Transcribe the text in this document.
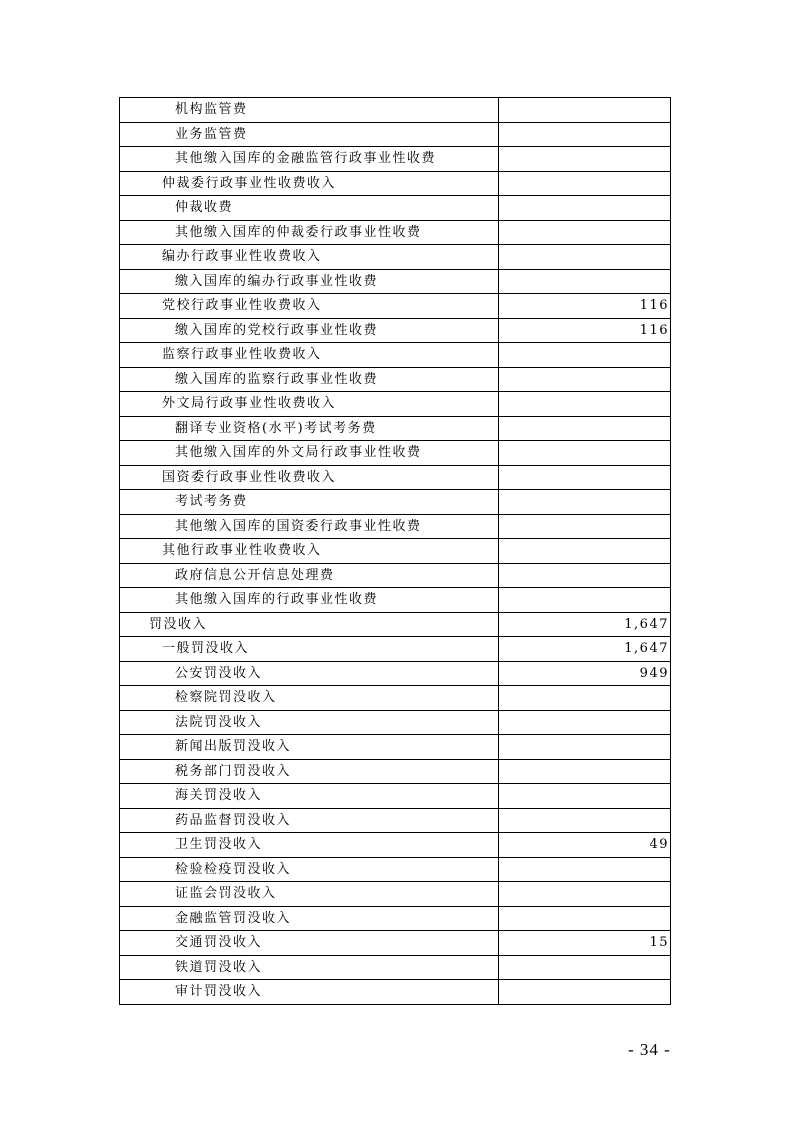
机构监管费	
业务监管费	
其他缴入国库的金融监管行政事业性收费	
仲裁委行政事业性收费收入	
仲裁收费	
其他缴入国库的仲裁委行政事业性收费	
编办行政事业性收费收入	
缴入国库的编办行政事业性收费	
党校行政事业性收费收入	116
缴入国库的党校行政事业性收费	116
监察行政事业性收费收入	
缴入国库的监察行政事业性收费	
外文局行政事业性收费收入	
翻译专业资格(水平)考试考务费	
其他缴入国库的外文局行政事业性收费	
国资委行政事业性收费收入	
考试考务费	
其他缴入国库的国资委行政事业性收费	
其他行政事业性收费收入	
政府信息公开信息处理费	
其他缴入国库的行政事业性收费	
罚没收入	1,647
一般罚没收入	1,647
公安罚没收入	949
检察院罚没收入	
法院罚没收入	
新闻出版罚没收入	
税务部门罚没收入	
海关罚没收入	
药品监督罚没收入	
卫生罚没收入	49
检验检疫罚没收入	
证监会罚没收入	
金融监管罚没收入	
交通罚没收入	15
铁道罚没收入	
审计罚没收入	
- 34 -
